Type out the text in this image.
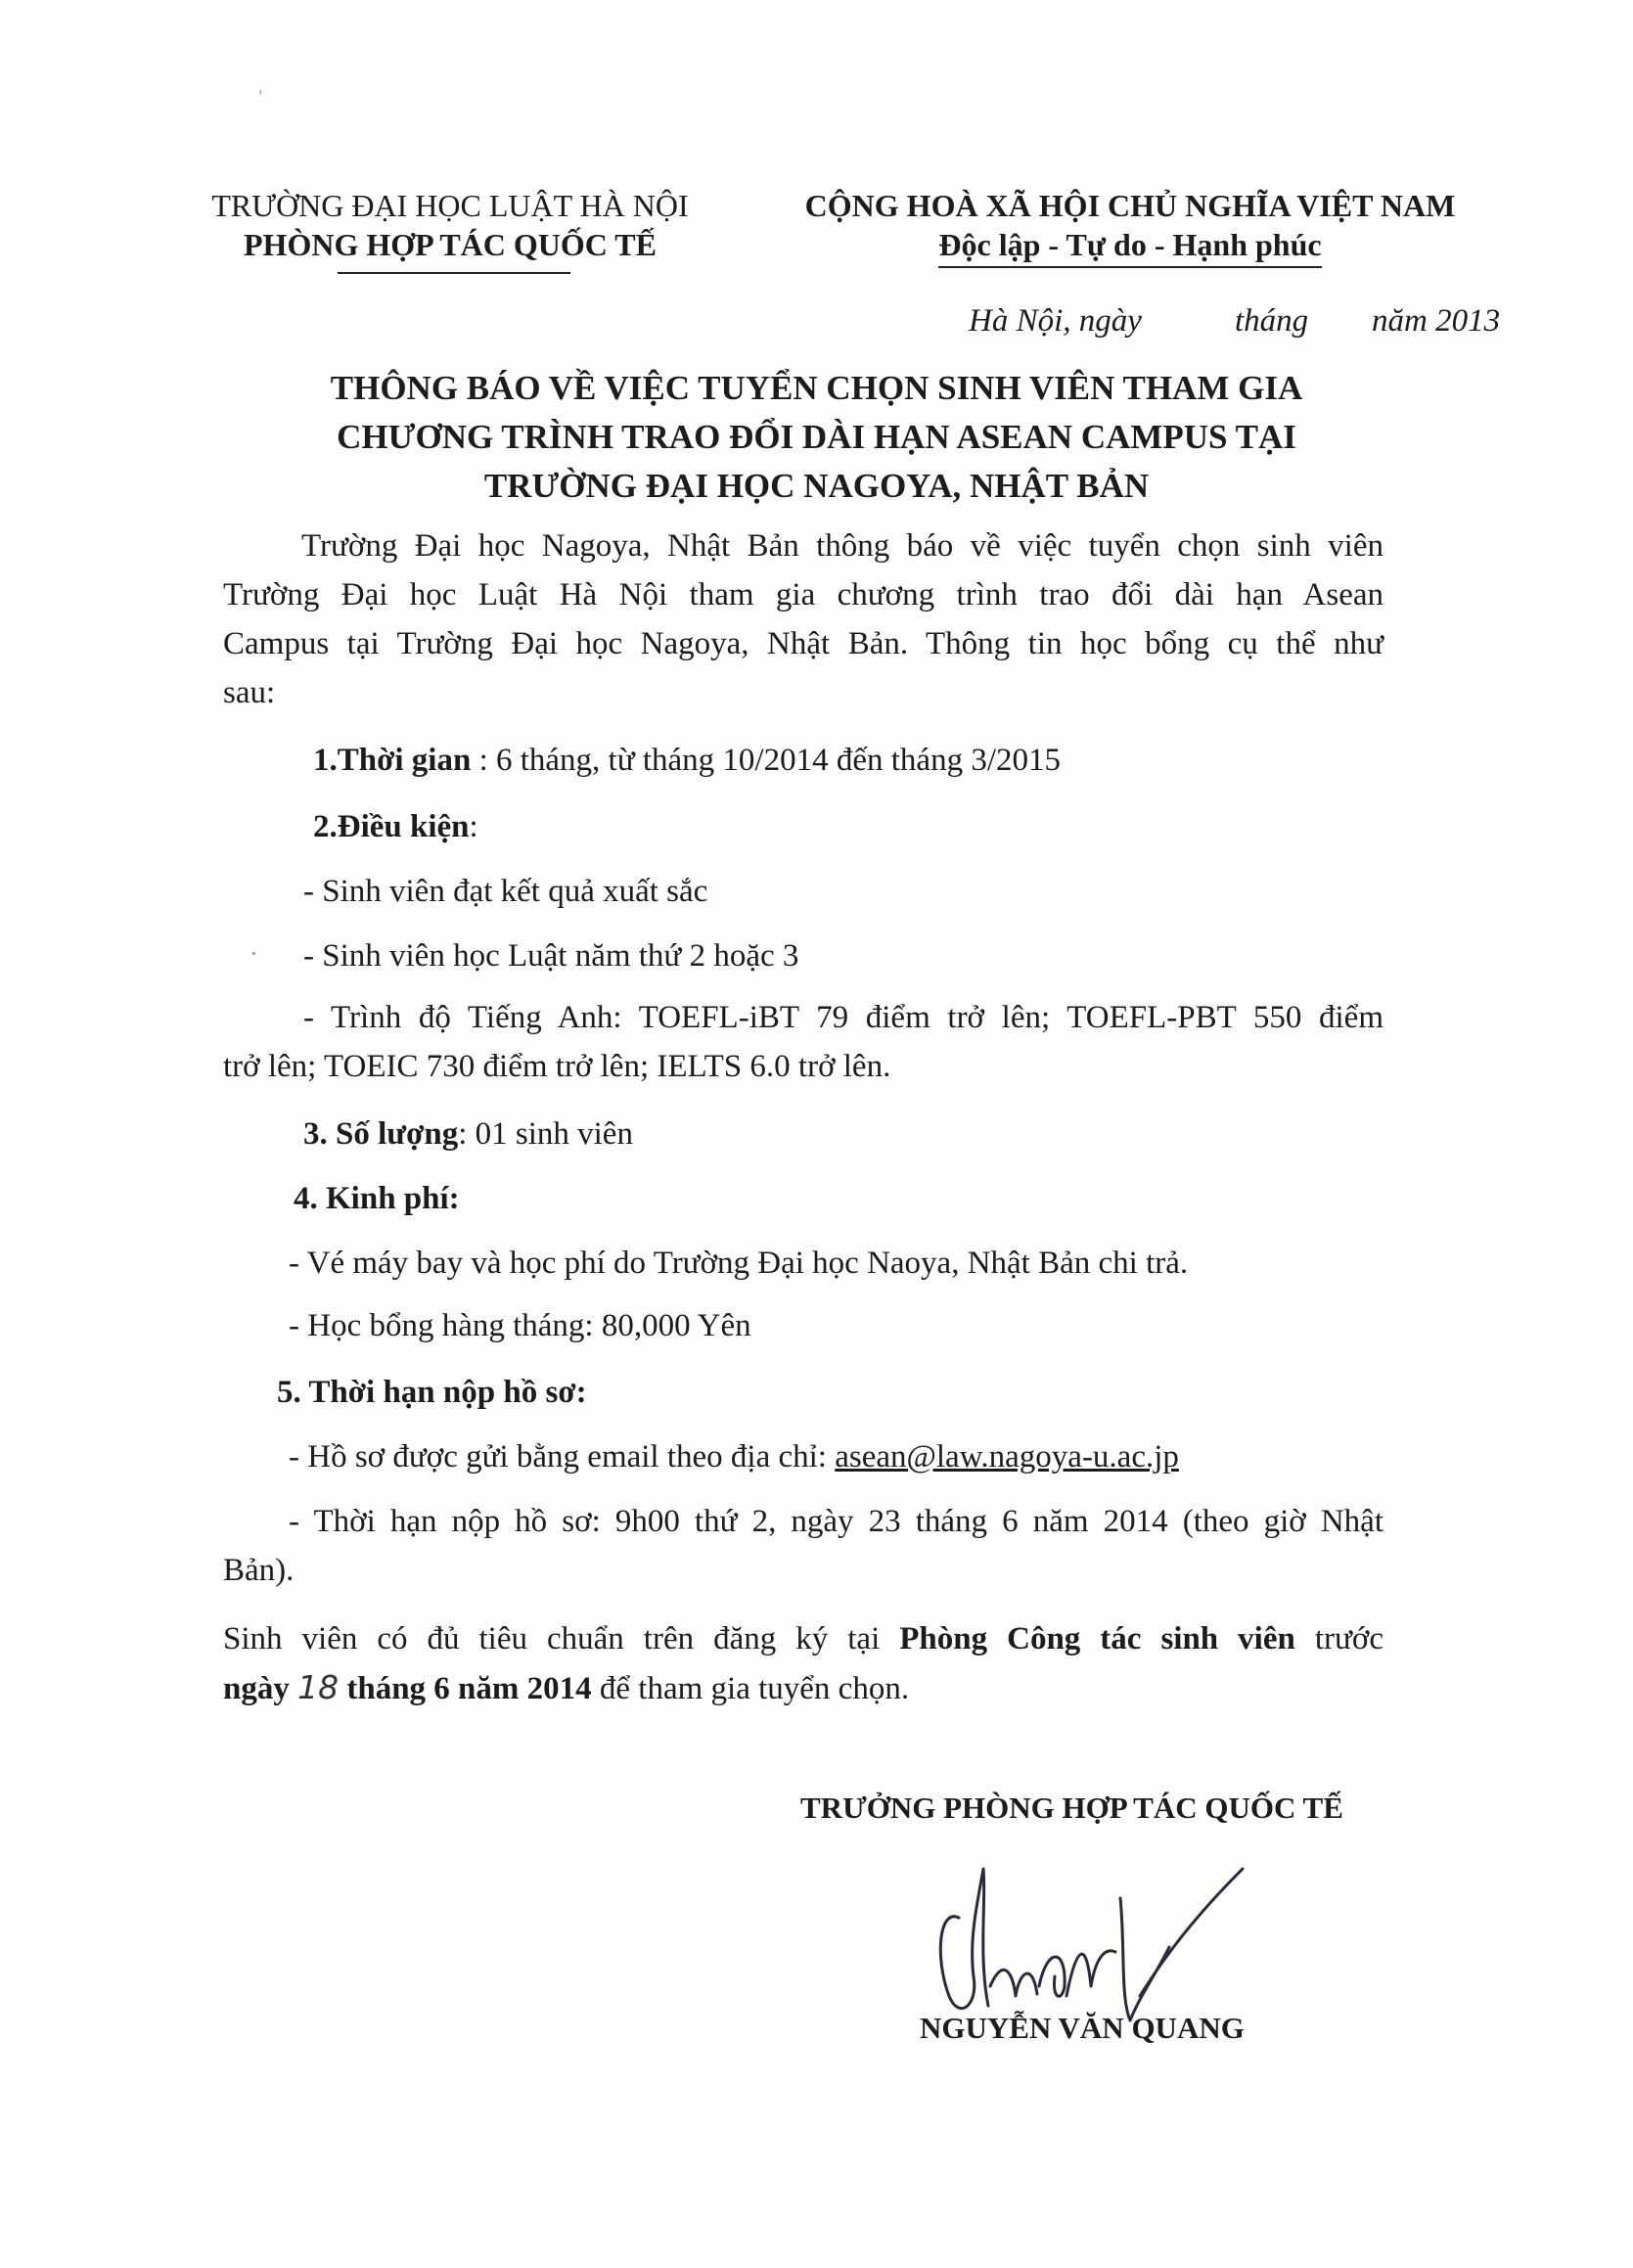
ˈ
TRƯỜNG ĐẠI HỌC LUẬT HÀ NỘI
PHÒNG HỢP TÁC QUỐC TẾ
CỘNG HOÀ XÃ HỘI CHỦ NGHĨA VIỆT NAM
Độc lập - Tự do - Hạnh phúc
Hà Nội, ngày	tháng năm 2013
THÔNG BÁO VỀ VIỆC TUYỂN CHỌN SINH VIÊN THAM GIA
CHƯƠNG TRÌNH TRAO ĐỔI DÀI HẠN ASEAN CAMPUS TẠI
TRƯỜNG ĐẠI HỌC NAGOYA, NHẬT BẢN
Trường Đại học Nagoya, Nhật Bản thông báo về việc tuyển chọn sinh viên
Trường Đại học Luật Hà Nội tham gia chương trình trao đổi dài hạn Asean
Campus tại Trường Đại học Nagoya, Nhật Bản. Thông tin học bổng cụ thể như
sau:
1.Thời gian : 6 tháng, từ tháng 10/2014 đến tháng 3/2015
2.Điều kiện:
- Sinh viên đạt kết quả xuất sắc
· - Sinh viên học Luật năm thứ 2 hoặc 3
- Trình độ Tiếng Anh: TOEFL-iBT 79 điểm trở lên; TOEFL-PBT 550 điểm
trở lên; TOEIC 730 điểm trở lên; IELTS 6.0 trở lên.
3. Số lượng: 01 sinh viên
4. Kinh phí:
- Vé máy bay và học phí do Trường Đại học Naoya, Nhật Bản chi trả.
- Học bổng hàng tháng: 80,000 Yên
5. Thời hạn nộp hồ sơ:
- Hồ sơ được gửi bằng email theo địa chỉ: asean@law.nagoya-u.ac.jp
- Thời hạn nộp hồ sơ: 9h00 thứ 2, ngày 23 tháng 6 năm 2014 (theo giờ Nhật
Bản).
Sinh viên có đủ tiêu chuẩn trên đăng ký tại Phòng Công tác sinh viên trước
ngày 18 tháng 6 năm 2014 để tham gia tuyển chọn.
TRƯỞNG PHÒNG HỢP TÁC QUỐC TẾ
NGUYỄN VĂN QUANG
